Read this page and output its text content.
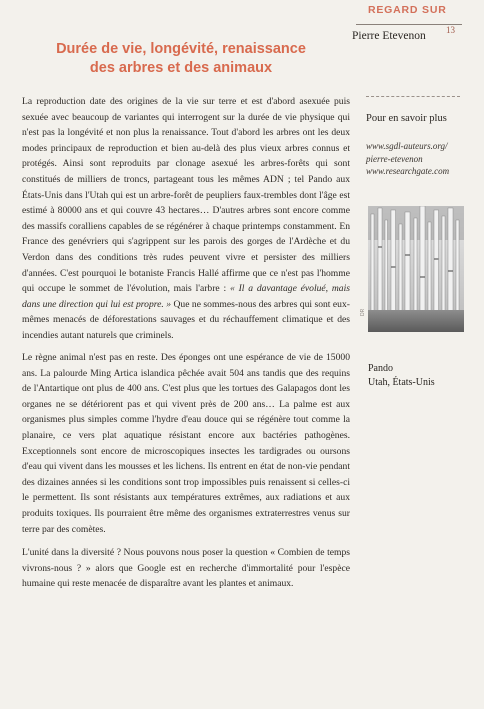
REGARD SUR
13
Pierre Etevenon
Durée de vie, longévité, renaissance
des arbres et des animaux

La reproduction date des origines de la vie sur terre et est d'abord asexuée puis sexuée avec beaucoup de variantes qui interrogent sur la durée de vie physique qui n'est pas la longévité et non plus la renaissance. Tout d'abord les arbres ont les deux modes principaux de reproduction et bien au-delà des plus vieux arbres connus et protégés. Ainsi sont reproduits par clonage asexué les arbres-forêts qui sont constitués de milliers de troncs, partageant tous les mêmes ADN ; tel Pando aux États-Unis dans l'Utah qui est un arbre-forêt de peupliers faux-trembles dont l'âge est estimé à 80000 ans et qui couvre 43 hectares… D'autres arbres sont encore comme des massifs coralliens capables de se régénérer à chaque printemps constamment. En France des genévriers qui s'agrippent sur les parois des gorges de l'Ardèche et du Verdon dans des conditions très rudes peuvent vivre et persister des milliers d'années. C'est pourquoi le botaniste Francis Hallé affirme que ce n'est pas l'homme qui occupe le sommet de l'évolution, mais l'arbre : « Il a davantage évolué, mais dans une direction qui lui est propre. » Que ne sommes-nous des arbres qui sont eux-mêmes menacés de déforestations sauvages et du réchauffement climatique et des incendies autant naturels que criminels.

Le règne animal n'est pas en reste. Des éponges ont une espérance de vie de 15000 ans. La palourde Ming Artica islandica pêchée avait 504 ans tandis que des requins de l'Antartique ont plus de 400 ans. C'est plus que les tortues des Galapagos dont les organes ne se détériorent pas et qui vivent près de 200 ans… La palme est aux organismes plus simples comme l'hydre d'eau douce qui se régénère tout comme la planaire, ce vers plat aquatique résistant encore aux bactéries pathogènes. Exceptionnels sont encore de microscopiques insectes les tardigrades ou oursons d'eau qui vivent dans les mousses et les lichens. Ils entrent en état de non-vie pendant des dizaines années si les conditions sont trop impossibles puis renaissent si celles-ci le permettent. Ils sont résistants aux températures extrêmes, aux radiations et aux produits toxiques. Ils pourraient être même des organismes extraterrestres venus sur terre par des comètes.

L'unité dans la diversité ? Nous pouvons nous poser la question « Combien de temps vivrons-nous ? » alors que Google est en recherche d'immortalité pour l'espèce humaine qui reste menacée de disparaître avant les plantes et animaux.

Pour en savoir plus
www.sgdl-auteurs.org/
pierre-etevenon
www.researchgate.com
DR
Pando
Utah, États-Unis
